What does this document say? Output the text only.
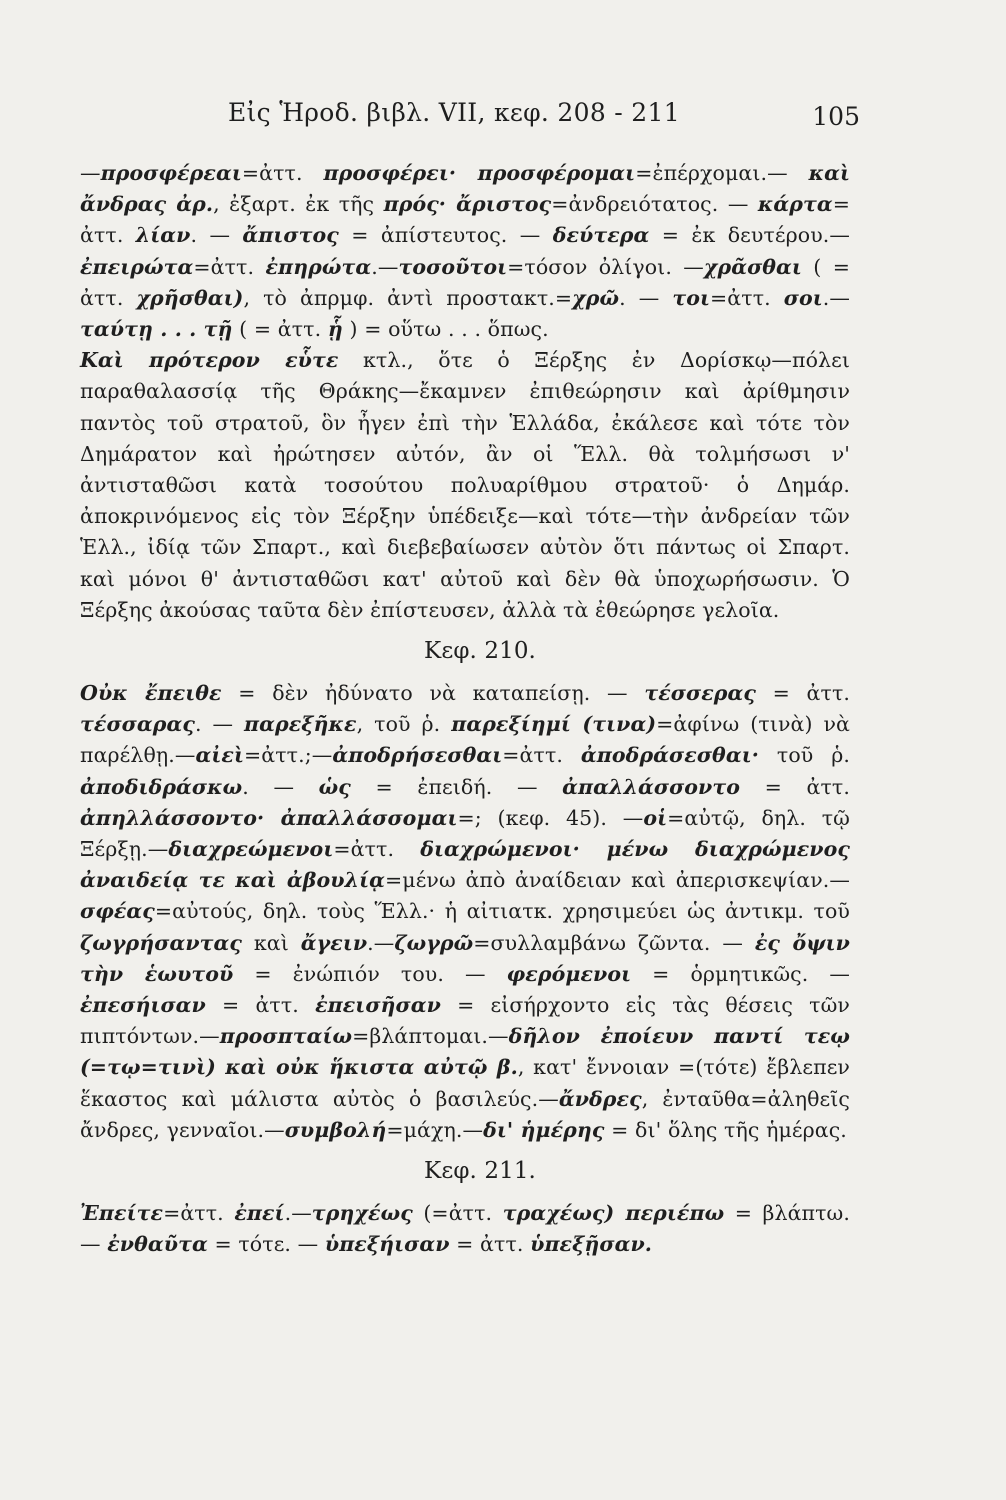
Εἰς Ἡροδ. βιβλ. VII, κεφ. 208 - 211	105

—προσφέρεαι=ἀττ. προσφέρει· προσφέρομαι=ἐπέρχομαι.— καὶ ἄνδρας ἀρ., ἐξαρτ. ἐκ τῆς πρός· ἄριστος=ἀνδρειότατος. — κάρτα= ἀττ. λίαν. — ἄπιστος = ἀπίστευτος. — δεύτερα = ἐκ δευτέρου.—ἐπειρώτα=ἀττ. ἐπηρώτα.—τοσοῦτοι=τόσον ὀλίγοι. —χρᾶσθαι ( = ἀττ. χρῆσθαι), τὸ ἀπρμφ. ἀντὶ προστακτ.=χρῶ. — τοι=ἀττ. σοι.—ταύτῃ . . . τῇ ( = ἀττ. ᾗ ) = οὕτω . . . ὅπως.

Καὶ πρότερον εὗτε κτλ., ὅτε ὁ Ξέρξης ἐν Δορίσκῳ—πόλει παραθαλασσίᾳ τῆς Θράκης—ἔκαμνεν ἐπιθεώρησιν καὶ ἀρίθμησιν παντὸς τοῦ στρατοῦ, ὃν ἦγεν ἐπὶ τὴν Ἑλλάδα, ἐκάλεσε καὶ τότε τὸν Δημάρατον καὶ ἠρώτησεν αὐτόν, ἂν οἱ Ἕλλ. θὰ τολμήσωσι ν' ἀντισταθῶσι κατὰ τοσούτου πολυαρίθμου στρατοῦ· ὁ Δημάρ. ἀποκρινόμενος εἰς τὸν Ξέρξην ὑπέδειξε—καὶ τότε—τὴν ἀνδρείαν τῶν Ἑλλ., ἰδίᾳ τῶν Σπαρτ., καὶ διεβεβαίωσεν αὐτὸν ὅτι πάντως οἱ Σπαρτ. καὶ μόνοι θ' ἀντισταθῶσι κατ' αὐτοῦ καὶ δὲν θὰ ὑποχωρήσωσιν. Ὁ Ξέρξης ἀκούσας ταῦτα δὲν ἐπίστευσεν, ἀλλὰ τὰ ἐθεώρησε γελοῖα.

Κεφ. 210.

Οὐκ ἔπειθε = δὲν ἠδύνατο νὰ καταπείσῃ. — τέσσερας = ἀττ. τέσσαρας. — παρεξῆκε, τοῦ ῥ. παρεξίημί (τινα)=ἀφίνω (τινὰ) νὰ παρέλθῃ.—αἰεὶ=ἀττ.;—ἀποδρήσεσθαι=ἀττ. ἀποδράσεσθαι· τοῦ ῥ. ἀποδιδράσκω. — ὡς = ἐπειδή. — ἀπαλλάσσοντο = ἀττ. ἀπηλλάσσοντο· ἀπαλλάσσομαι=; (κεφ. 45). —οἱ=αὐτῷ, δηλ. τῷ Ξέρξῃ.—διαχρεώμενοι=ἀττ. διαχρώμενοι· μένω διαχρώμενος ἀναιδείᾳ τε καὶ ἀβουλίᾳ=μένω ἀπὸ ἀναίδειαν καὶ ἀπερισκεψίαν.—σφέας=αὐτούς, δηλ. τοὺς Ἕλλ.· ἡ αἰτιατκ. χρησιμεύει ὡς ἀντικμ. τοῦ ζωγρήσαντας καὶ ἄγειν.—ζωγρῶ=συλλαμβάνω ζῶντα. — ἐς ὄψιν τὴν ἑωυτοῦ = ἐνώπιόν του. — φερόμενοι = ὁρμητικῶς. — ἐπεσήισαν = ἀττ. ἐπεισῆσαν = εἰσήρχοντο εἰς τὰς θέσεις τῶν πιπτόντων.—προσπταίω=βλάπτομαι.—δῆλον ἐποίευν παντί τεῳ (=τῳ=τινὶ) καὶ οὐκ ἥκιστα αὐτῷ β., κατ' ἔννοιαν =(τότε) ἔβλεπεν ἕκαστος καὶ μάλιστα αὐτὸς ὁ βασιλεύς.—ἄνδρες, ἐνταῦθα=ἀληθεῖς ἄνδρες, γενναῖοι.—συμβολή=μάχη.—δι' ἡμέρης = δι' ὅλης τῆς ἡμέρας.

Κεφ. 211.

Ἐπείτε=ἀττ. ἐπεί.—τρηχέως (=ἀττ. τραχέως) περιέπω = βλάπτω. — ἐνθαῦτα = τότε. — ὑπεξήισαν = ἀττ. ὑπεξῇσαν.
